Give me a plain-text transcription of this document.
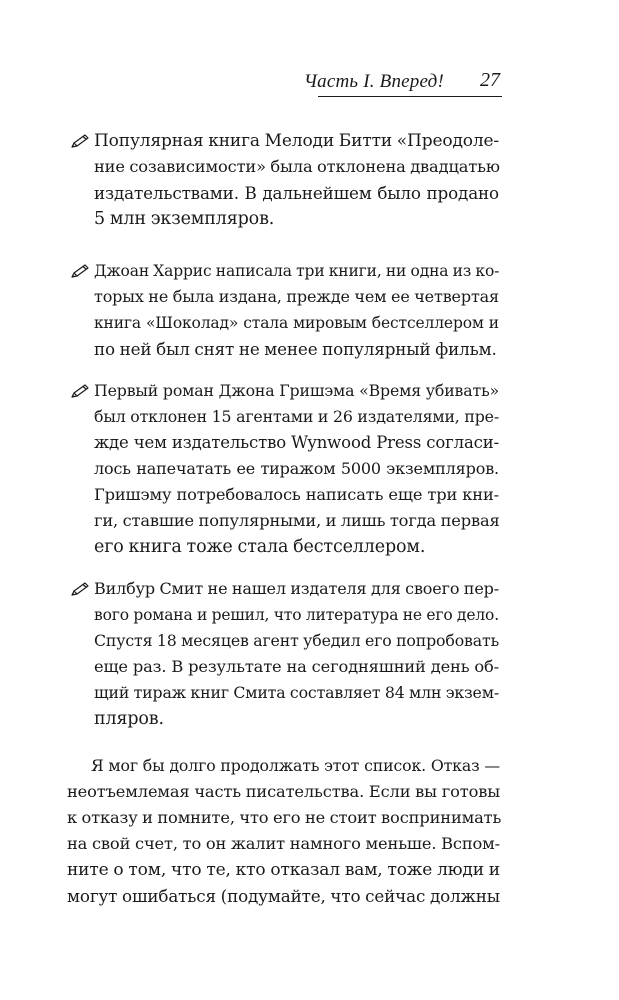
Часть I. Вперед! 27
Популярная книга Мелоди Битти «Преодоле-
ние созависимости» была отклонена двадцатью
издательствами. В дальнейшем было продано
5 млн экземпляров.
Джоан Харрис написала три книги, ни одна из ко-
торых не была издана, прежде чем ее четвертая
книга «Шоколад» стала мировым бестселлером и
по ней был снят не менее популярный фильм.
Первый роман Джона Гришэма «Время убивать»
был отклонен 15 агентами и 26 издателями, пре-
жде чем издательство Wynwood Press согласи-
лось напечатать ее тиражом 5000 экземпляров.
Гришэму потребовалось написать еще три кни-
ги, ставшие популярными, и лишь тогда первая
его книга тоже стала бестселлером.
Вилбур Смит не нашел издателя для своего пер-
вого романа и решил, что литература не его дело.
Спустя 18 месяцев агент убедил его попробовать
еще раз. В результате на сегодняшний день об-
щий тираж книг Смита составляет 84 млн экзем-
пляров.
Я мог бы долго продолжать этот список. Отказ —
неотъемлемая часть писательства. Если вы готовы
к отказу и помните, что его не стоит воспринимать
на свой счет, то он жалит намного меньше. Вспом-
ните о том, что те, кто отказал вам, тоже люди и
могут ошибаться (подумайте, что сейчас должны
